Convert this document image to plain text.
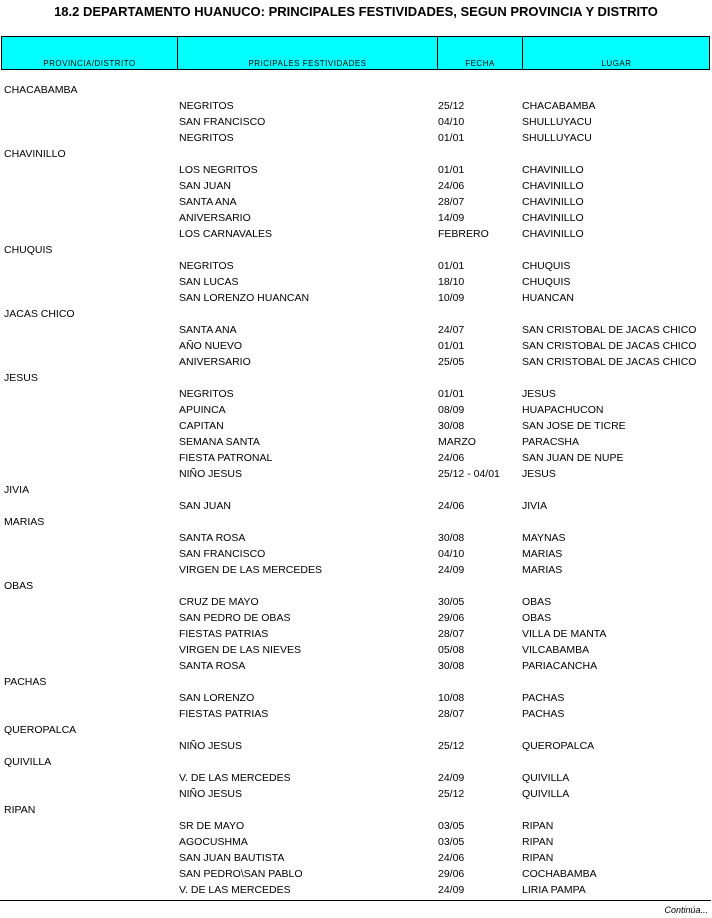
18.2 DEPARTAMENTO HUANUCO: PRINCIPALES FESTIVIDADES, SEGUN PROVINCIA Y DISTRITO
PROVINCIA/DISTRITO	PRICIPALES FESTIVIDADES	FECHA	LUGAR
CHACABAMBA
NEGRITOS	25/12	CHACABAMBA
SAN FRANCISCO	04/10	SHULLUYACU
NEGRITOS	01/01	SHULLUYACU
CHAVINILLO
LOS NEGRITOS	01/01	CHAVINILLO
SAN JUAN	24/06	CHAVINILLO
SANTA ANA	28/07	CHAVINILLO
ANIVERSARIO	14/09	CHAVINILLO
LOS CARNAVALES	FEBRERO	CHAVINILLO
CHUQUIS
NEGRITOS	01/01	CHUQUIS
SAN LUCAS	18/10	CHUQUIS
SAN LORENZO HUANCAN	10/09	HUANCAN
JACAS CHICO
SANTA ANA	24/07	SAN CRISTOBAL DE JACAS CHICO
AÑO NUEVO	01/01	SAN CRISTOBAL DE JACAS CHICO
ANIVERSARIO	25/05	SAN CRISTOBAL DE JACAS CHICO
JESUS
NEGRITOS	01/01	JESUS
APUINCA	08/09	HUAPACHUCON
CAPITAN	30/08	SAN JOSE DE TICRE
SEMANA SANTA	MARZO	PARACSHA
FIESTA PATRONAL	24/06	SAN JUAN DE NUPE
NIÑO JESUS	25/12 - 04/01 JESUS
JIVIA
SAN JUAN	24/06	JIVIA
MARIAS
SANTA ROSA	30/08	MAYNAS
SAN FRANCISCO	04/10	MARIAS
VIRGEN DE LAS MERCEDES	24/09	MARIAS
OBAS
CRUZ DE MAYO	30/05	OBAS
SAN PEDRO DE OBAS	29/06	OBAS
FIESTAS PATRIAS	28/07	VILLA DE MANTA
VIRGEN DE LAS NIEVES	05/08	VILCABAMBA
SANTA ROSA	30/08	PARIACANCHA
PACHAS
SAN LORENZO	10/08	PACHAS
FIESTAS PATRIAS	28/07	PACHAS
QUEROPALCA
NIÑO JESUS	25/12	QUEROPALCA
QUIVILLA
V. DE LAS MERCEDES	24/09	QUIVILLA
NIÑO JESUS	25/12	QUIVILLA
RIPAN
SR DE MAYO	03/05	RIPAN
AGOCUSHMA	03/05	RIPAN
SAN JUAN BAUTISTA	24/06	RIPAN
SAN PEDRO\SAN PABLO	29/06	COCHABAMBA
V. DE LAS MERCEDES	24/09	LIRIA PAMPA
Continúa...
